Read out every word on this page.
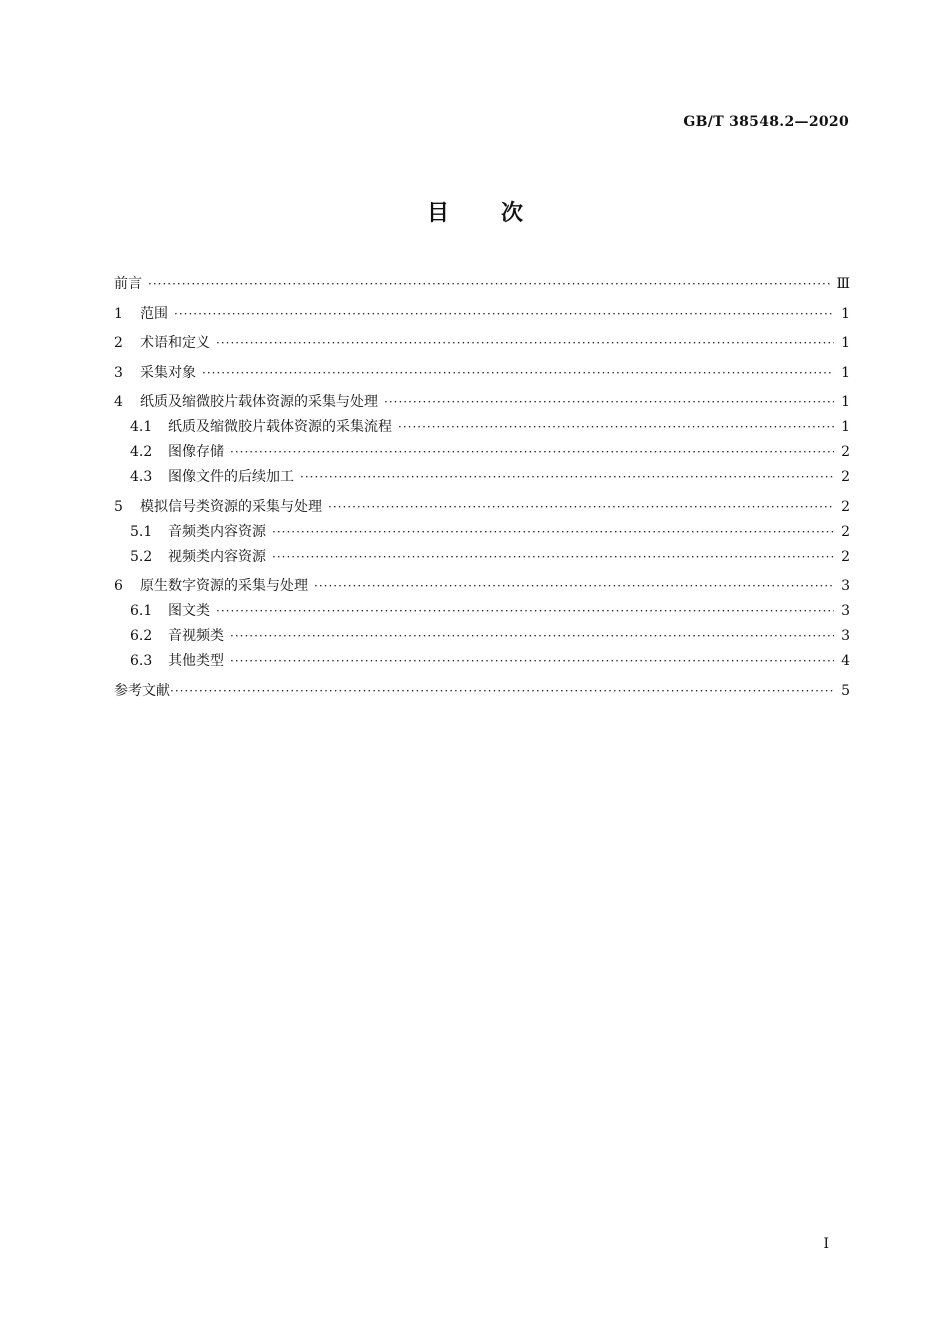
GB/T 38548.2—2020
目次
前言 ·····	Ⅲ
1	范围 ·····	1
2	术语和定义 ·····	1
3	采集对象 ·····	1
4	纸质及缩微胶片载体资源的采集与处理 ·····	1
4.1	纸质及缩微胶片载体资源的采集流程 ·····	1
4.2	图像存储 ·····	2
4.3	图像文件的后续加工 ·····	2
5	模拟信号类资源的采集与处理 ·····	2
5.1	音频类内容资源 ·····	2
5.2	视频类内容资源 ·····	2
6	原生数字资源的采集与处理 ·····	3
6.1	图文类 ·····	3
6.2	音视频类 ·····	3
6.3	其他类型 ·····	4
参考文献 ·····	5
Ⅰ
